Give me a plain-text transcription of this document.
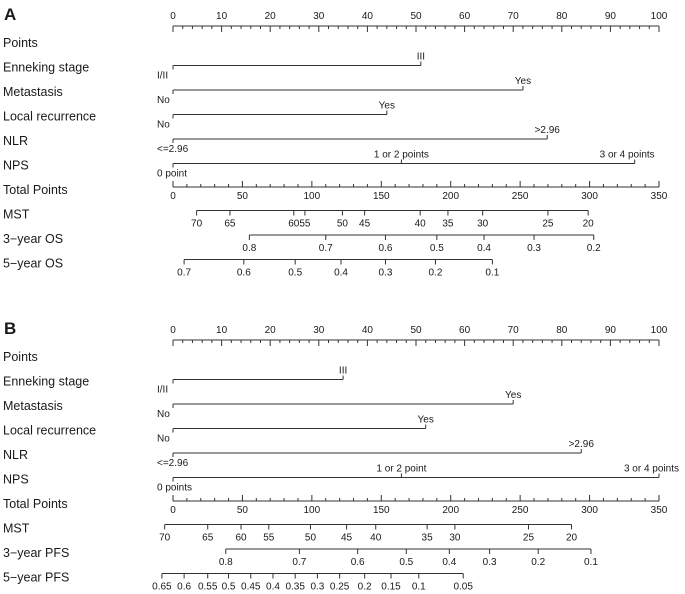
A
Points
0	10	20	30	40	50	60	70	80	90	100
Enneking stage
I/II
III
Metastasis
No
Yes
Local recurrence
No
Yes
NLR
<=2.96
>2.96
NPS
0 point
1 or 2 points	3 or 4 points
Total Points	0	50	100	150	200	250	300	350
MST
70 65	60 55	50 45	40 35 30	25	20
3−year OS
0.8	0.7	0.6	0.5	0.4	0.3	0.2
5−year OS
0.7	0.6	0.5	0.4	0.3	0.2	0.1
B
Points
0	10	20	30	40	50	60	70	80	90	100
Enneking stage
I/II
III
Metastasis
No
Yes
Local recurrence
No
Yes
NLR
<=2.96
>2.96
NPS
0 points
1 or 2 point	3 or 4 points
Total Points	0	50	100	150	200	250	300	350
MST
70	65 60 55	50 45 40	35 30	25	20
3−year PFS
0.8	0.7	0.6	0.5	0.4	0.3	0.2	0.1
5−year PFS
0.65 0.6 0.55 0.5 0.45 0.4 0.35 0.3 0.25 0.2 0.15 0.1	0.05
